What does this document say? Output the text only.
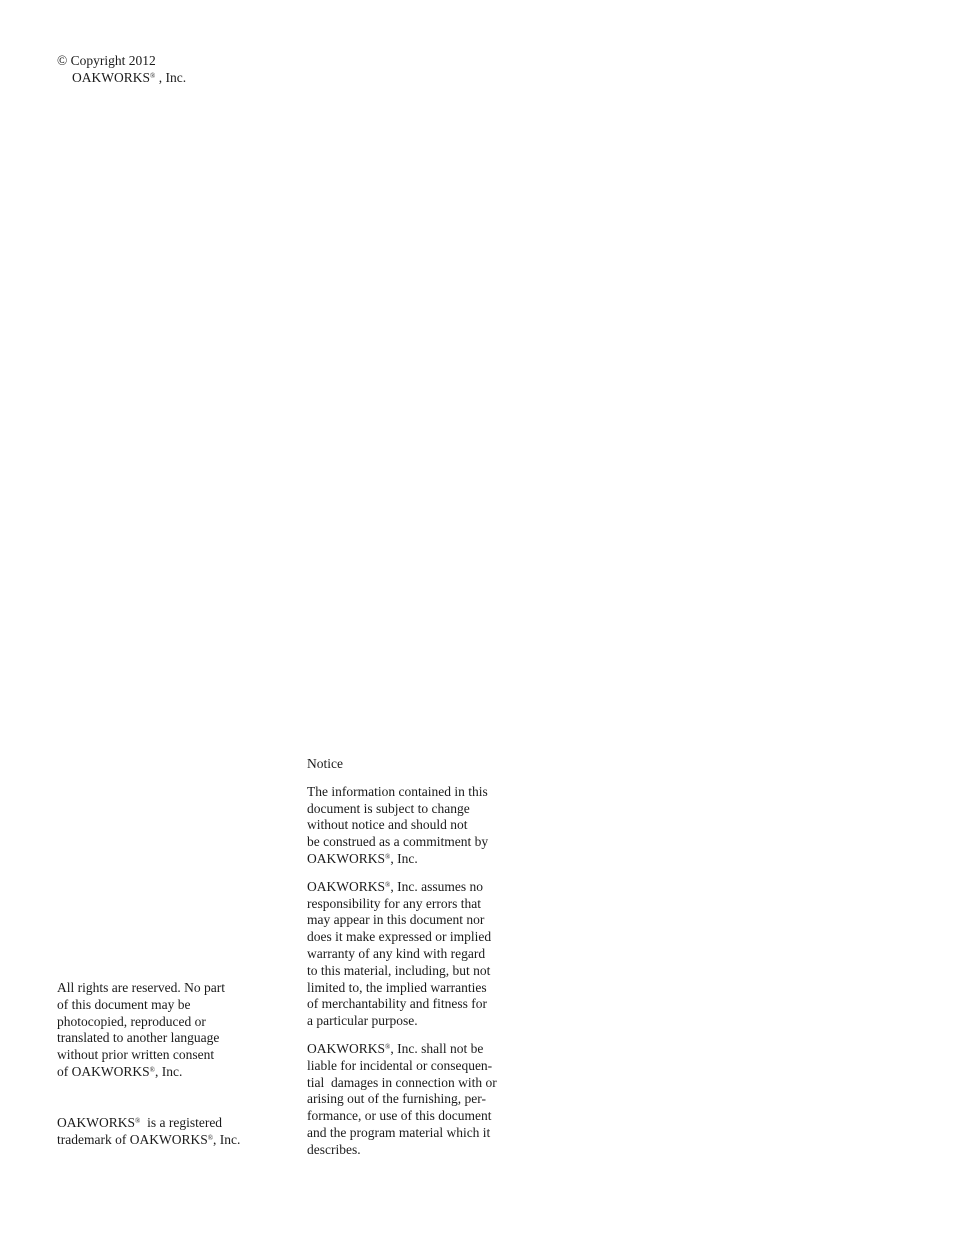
© Copyright 2012
OAKWORKS® , Inc.
All rights are reserved. No part
of this document may be
photocopied, reproduced or
translated to another language
without prior written consent
of OAKWORKS®, Inc.
OAKWORKS®  is a registered
trademark of OAKWORKS®, Inc.
Notice
The information contained in this
document is subject to change
without notice and should not
be construed as a commitment by
OAKWORKS®, Inc.
OAKWORKS®, Inc. assumes no
responsibility for any errors that
may appear in this document nor
does it make expressed or implied
warranty of any kind with regard
to this material, including, but not
limited to, the implied warranties
of merchantability and fitness for
a particular purpose.
OAKWORKS®, Inc. shall not be
liable for incidental or consequen-
tial  damages in connection with or
arising out of the furnishing, per-
formance, or use of this document
and the program material which it
describes.
